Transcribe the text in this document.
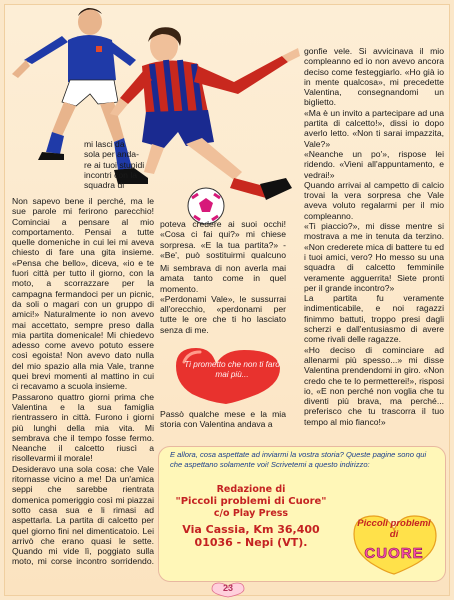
mi lasci da
sola per anda-
re ai tuoi stupidi
incontri con la squadra di

Non sapevo bene il perché, ma le sue parole mi ferirono parecchio! Cominciai a pensare al mio comportamento. Pensai a tutte quelle domeniche in cui lei mi aveva chiesto di fare una gita insieme. «Pensa che bello», diceva, «io e te fuori città per tutto il giorno, con la moto, a scorrazzare per la campagna fermandoci per un picnic, da soli o magari con un gruppo di amici!» Naturalmente io non avevo mai accettato, sempre preso dalla mia partita domenicale! Mi chiedevo adesso come avevo potuto essere così egoista! Non avevo dato nulla del mio spazio alla mia Vale, tranne quei brevi momenti al mattino in cui ci recavamo a scuola insieme.
Passarono quattro giorni prima che Valentina e la sua famiglia rientrassero in città. Furono i giorni più lunghi della mia vita. Mi sembrava che il tempo fosse fermo. Neanche il calcetto riuscì a risollevarmi il morale!
Desideravo una sola cosa: che Vale ritornasse vicino a me! Da un'amica seppi che sarebbe rientrata domenica pomeriggio così mi piazzai sotto casa sua e li rimasi ad aspettarla. La partita di calcetto per quel giorno fini nel dimenticatoio. Lei arrivò che erano quasi le sette. Quando mi vide lì, poggiato sulla moto, mi corse incontro sorridendo.
poteva credere ai suoi occhi! «Cosa ci fai qui?» mi chiese sorpresa. «E la tua partita?» - «Be', può sostituirmi qualcuno
Mi sembrava di non averla mai amata tanto come in quel momento.
«Perdonami Vale», le sussurrai all'orecchio, «perdonami per tutte le ore che ti ho lasciato senza di me.
Ti prometto che non ti farò mai più...
Passò qualche mese e la mia storia con Valentina andava a
gonfie vele. Si avvicinava il mio compleanno ed io non avevo ancora deciso come festeggiarlo. «Ho già io in mente qualcosa», mi precedette Valentina, consegnandomi un biglietto.
«Ma è un invito a partecipare ad una partita di calcetto!», dissi io dopo averlo letto. «Non ti sarai impazzita, Vale?»
«Neanche un po'», rispose lei ridendo. «Vieni all'appuntamento, e vedrai!»
Quando arrivai al campetto di calcio trovai la vera sorpresa che Vale aveva voluto regalarmi per il mio compleanno.
«Ti piaccio?», mi disse mentre si mostrava a me in tenuta da terzino. «Non crederete mica di battere tu ed i tuoi amici, vero? Ho messo su una squadra di calcetto femminile veramente agguerrita! Siete pronti per il grande incontro?»
La partita fu veramente indimenticabile, e noi ragazzi finimmo battuti, troppo presi dagli scherzi e dall'entusiasmo di avere come rivali delle ragazze.
«Ho deciso di cominciare ad allenarmi più spesso...» mi disse Valentina prendendomi in giro. «Non credo che te lo permetterei!», risposi io, «E non perché non voglia che tu diventi più brava, ma perché... preferisco che tu trascorra il tuo tempo al mio fianco!»
E allora, cosa aspettate ad inviarmi la vostra storia? Queste pagine sono qui che aspettano solamente voi! Scrivetemi a questo indirizzo:
Redazione di
"Piccoli problemi di Cuore"
c/o Play Press
Via Cassia, Km 36,400
01036 - Nepi (VT).
Piccoli problemi di
CUORE
23
